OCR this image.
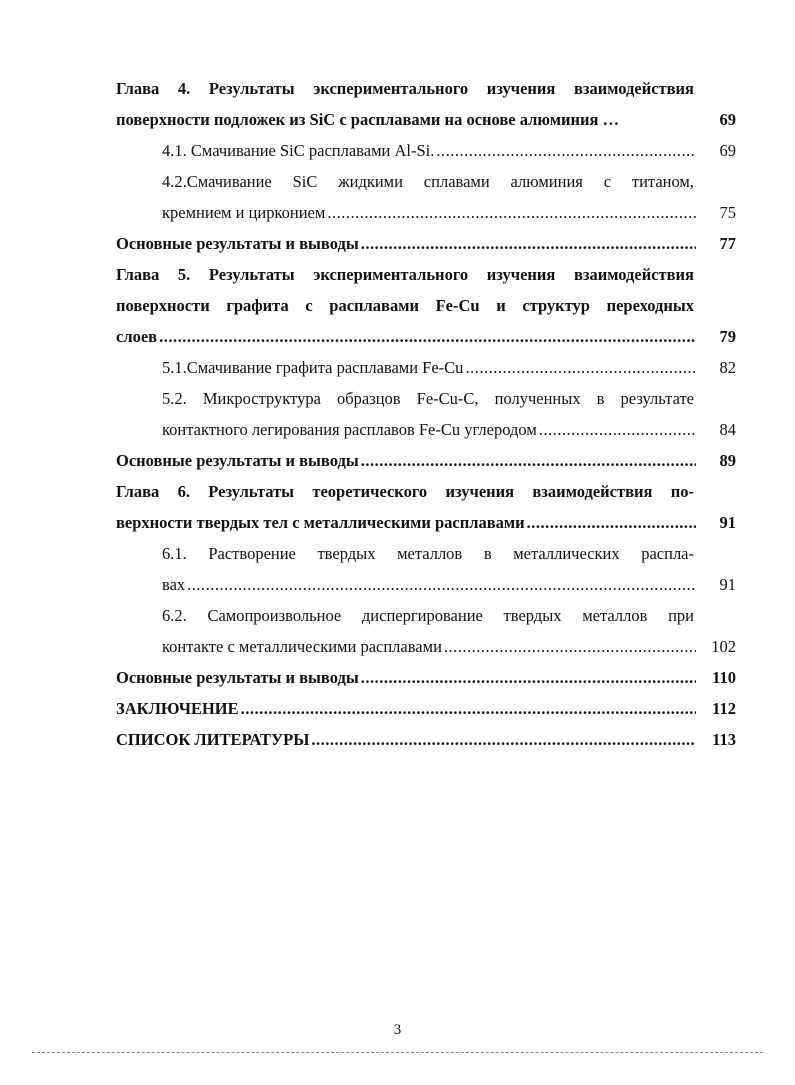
Глава 4. Результаты экспериментального изучения взаимодействия
поверхности подложек из SiC с расплавами на основе алюминия …	69
4.1. Смачивание SiC расплавами Al-Si. .....	69
4.2.Смачивание SiC жидкими сплавами алюминия с титаном,
кремнием и цирконием .....	75
Основные результаты и выводы .....	77
Глава 5. Результаты экспериментального изучения взаимодействия
поверхности графита с расплавами Fe-Cu и структур переходных
слоев .....	79
5.1.Смачивание графита расплавами Fe-Cu .....	82
5.2. Микроструктура образцов Fe-Cu-C, полученных в результате
контактного легирования расплавов Fe-Cu углеродом .....	84
Основные результаты и выводы .....	89
Глава 6. Результаты теоретического изучения взаимодействия по-
верхности твердых тел с металлическими расплавами .....	91
6.1. Растворение твердых металлов в металлических распла-
вах .....	91
6.2. Самопроизвольное диспергирование твердых металлов при
контакте с металлическими расплавами .....	102
Основные результаты и выводы .....	110
ЗАКЛЮЧЕНИЕ .....	112
СПИСОК ЛИТЕРАТУРЫ .....	113
3
